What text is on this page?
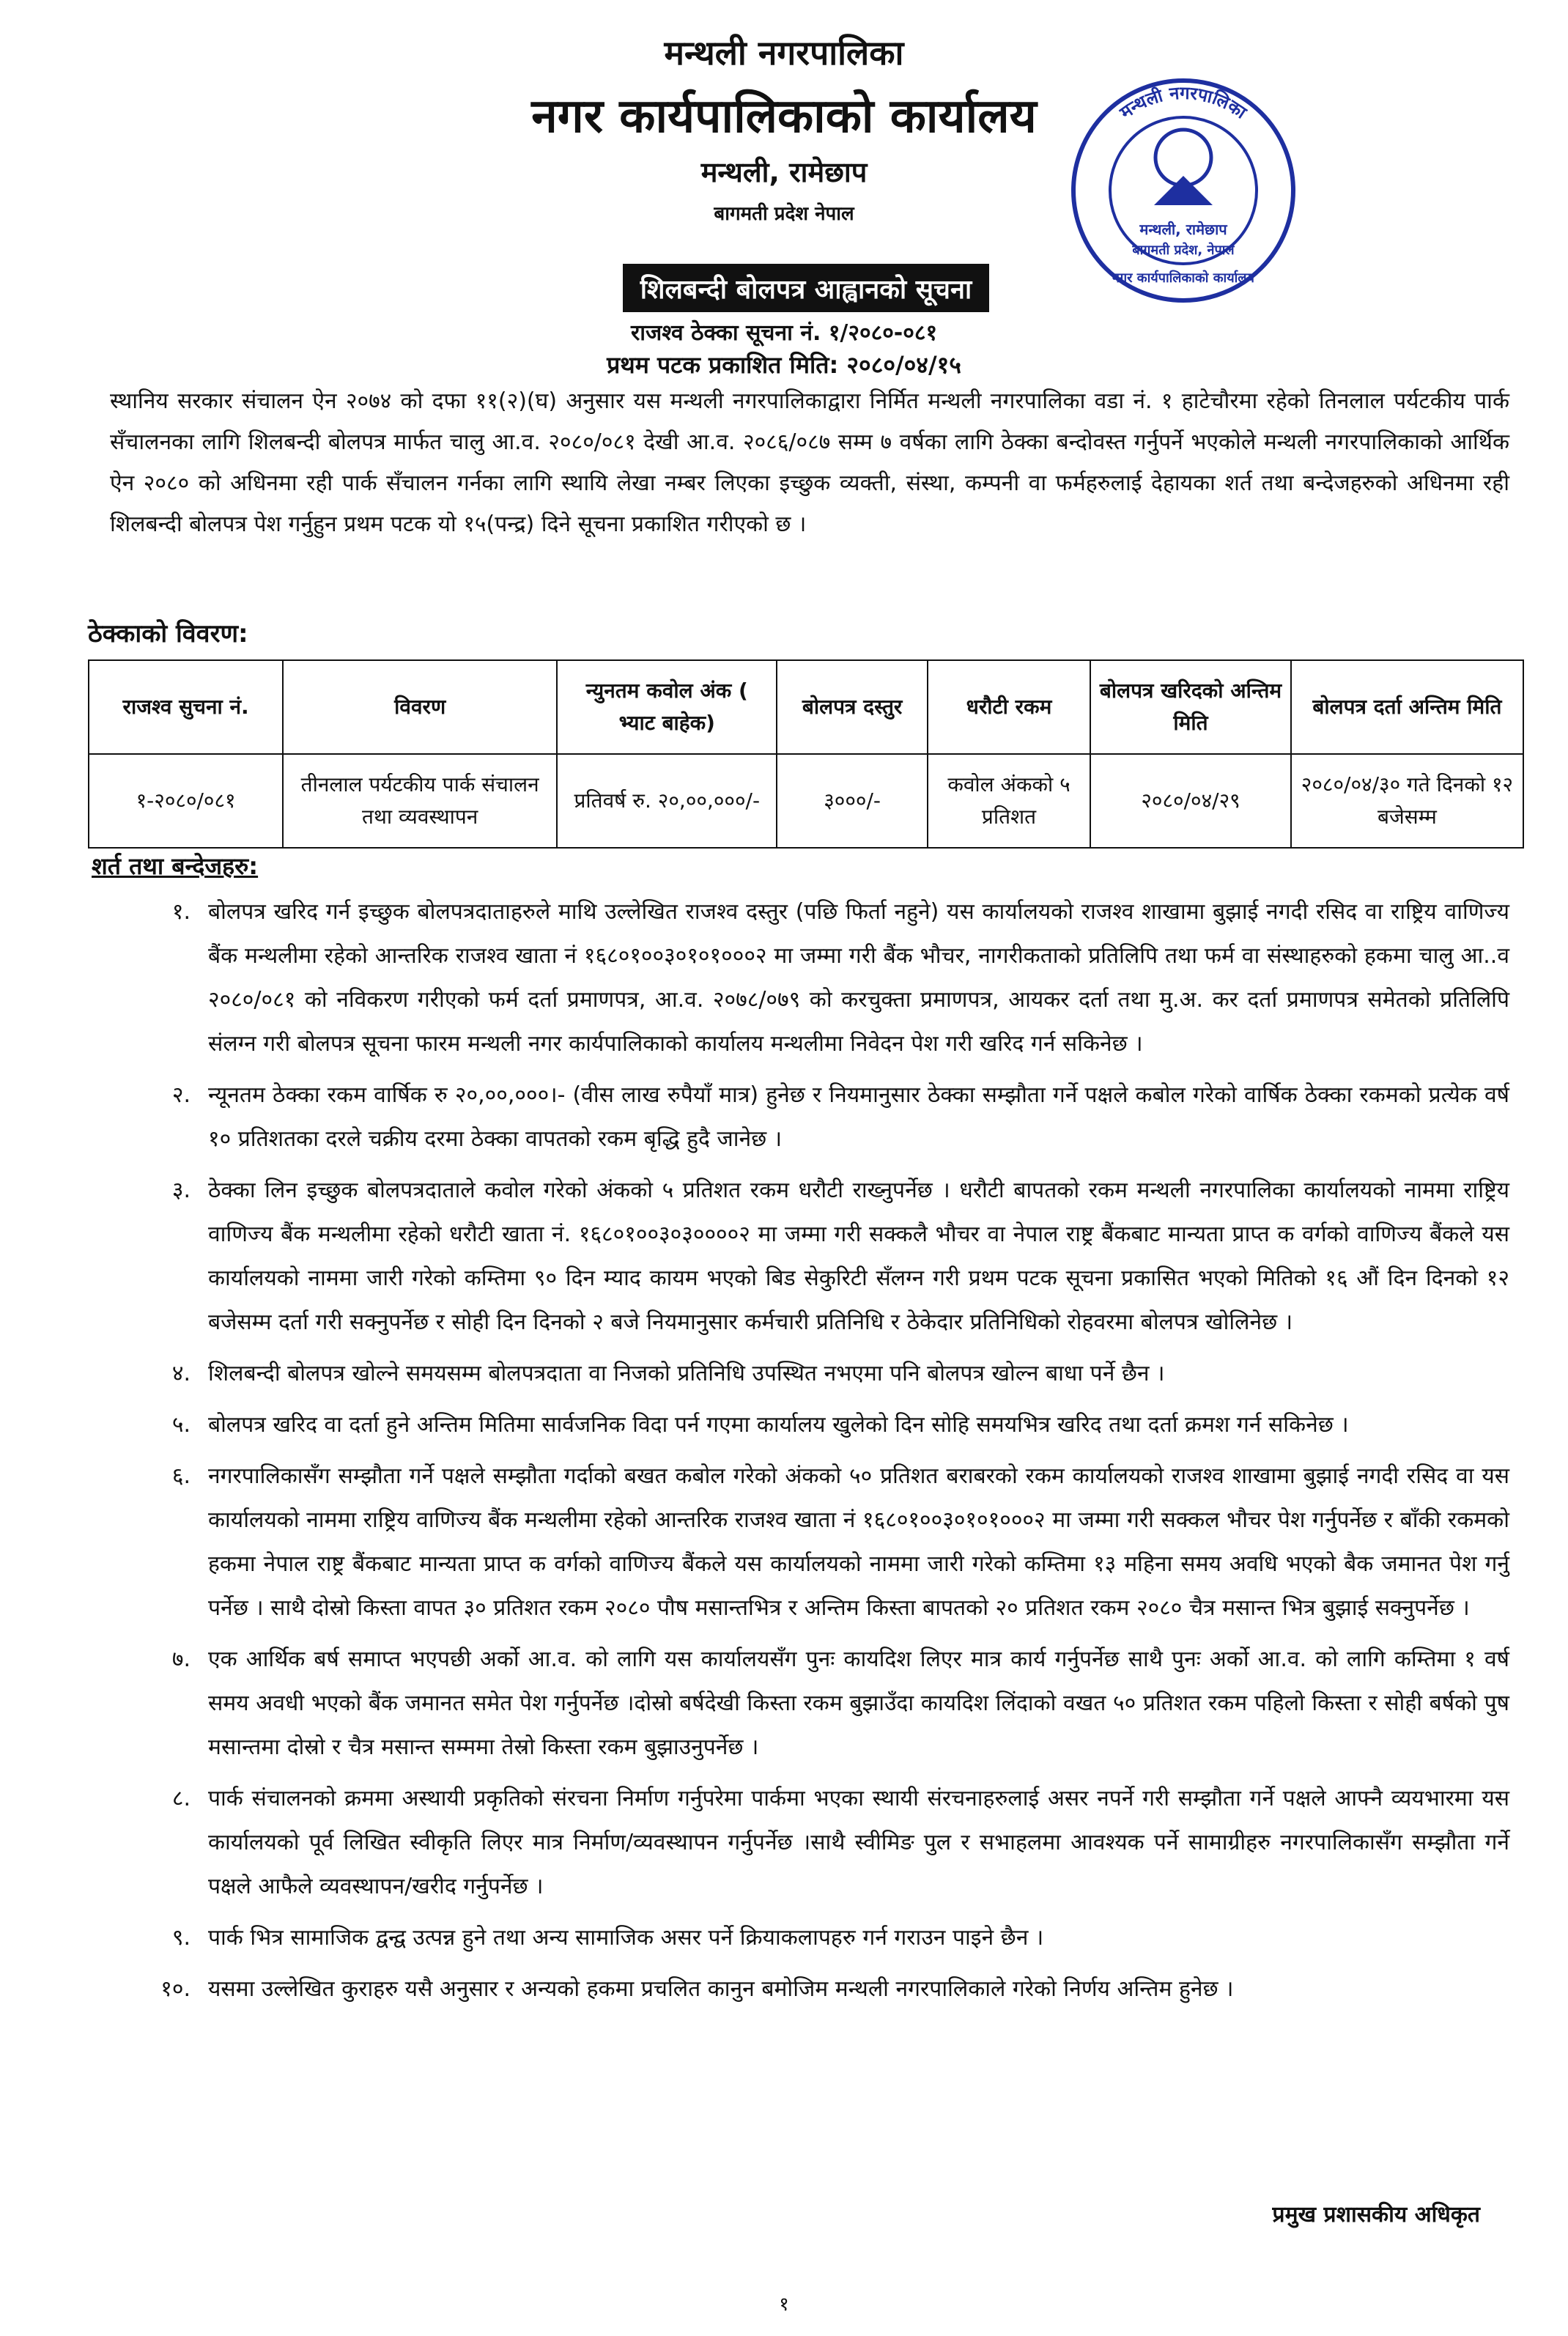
मन्थली नगरपालिका
नगर कार्यपालिकाको कार्यालय
मन्थली, रामेछाप
बागमती प्रदेश नेपाल
मन्थली नगरपालिका
मन्थली, रामेछाप
बागमती प्रदेश, नेपाल
नगर कार्यपालिकाको कार्यालय
शिलबन्दी बोलपत्र आह्वानको सूचना
राजश्व ठेक्का सूचना नं. १/२०८०-०८१
प्रथम पटक प्रकाशित मिति: २०८०/०४/१५
स्थानिय सरकार संचालन ऐन २०७४ को दफा ११(२)(घ) अनुसार यस मन्थली नगरपालिकाद्वारा निर्मित मन्थली नगरपालिका वडा नं. १ हाटेचौरमा रहेको तिनलाल पर्यटकीय पार्क सँचालनका लागि शिलबन्दी बोलपत्र मार्फत चालु आ.व. २०८०/०८१ देखी आ.व. २०८६/०८७ सम्म ७ वर्षका लागि ठेक्का बन्दोवस्त गर्नुपर्ने भएकोले मन्थली नगरपालिकाको आर्थिक ऐन २०८० को अधिनमा रही पार्क सँचालन गर्नका लागि स्थायि लेखा नम्बर लिएका इच्छुक व्यक्ती, संस्था, कम्पनी वा फर्महरुलाई देहायका शर्त तथा बन्देजहरुको अधिनमा रही शिलबन्दी बोलपत्र पेश गर्नुहुन प्रथम पटक यो १५(पन्द्र) दिने सूचना प्रकाशित गरीएको छ ।
ठेक्काको विवरण:
राजश्व सुचना नं.	विवरण	न्युनतम कवोल अंक ( भ्याट बाहेक)	बोलपत्र दस्तुर	धरौटी रकम	बोलपत्र खरिदको अन्तिम मिति	बोलपत्र दर्ता अन्तिम मिति
१-२०८०/०८१	तीनलाल पर्यटकीय पार्क संचालन तथा व्यवस्थापन	प्रतिवर्ष रु. २०,००,०००/-	३०००/-	कवोल अंकको ५ प्रतिशत	२०८०/०४/२९	२०८०/०४/३० गते दिनको १२ बजेसम्म
शर्त तथा बन्देजहरु:
१. बोलपत्र खरिद गर्न इच्छुक बोलपत्रदाताहरुले माथि उल्लेखित राजश्व दस्तुर (पछि फिर्ता नहुने) यस कार्यालयको राजश्व शाखामा बुझाई नगदी रसिद वा राष्ट्रिय वाणिज्य बैंक मन्थलीमा रहेको आन्तरिक राजश्व खाता नं १६८०१००३०१०१०००२ मा जम्मा गरी बैंक भौचर, नागरीकताको प्रतिलिपि तथा फर्म वा संस्थाहरुको हकमा चालु आ..व २०८०/०८१ को नविकरण गरीएको फर्म दर्ता प्रमाणपत्र, आ.व. २०७८/०७९ को करचुक्ता प्रमाणपत्र, आयकर दर्ता तथा मु.अ. कर दर्ता प्रमाणपत्र समेतको प्रतिलिपि संलग्न गरी बोलपत्र सूचना फारम मन्थली नगर कार्यपालिकाको कार्यालय मन्थलीमा निवेदन पेश गरी खरिद गर्न सकिनेछ ।
२. न्यूनतम ठेक्का रकम वार्षिक रु २०,००,०००।- (वीस लाख रुपैयाँ मात्र) हुनेछ र नियमानुसार ठेक्का सम्झौता गर्ने पक्षले कबोल गरेको वार्षिक ठेक्का रकमको प्रत्येक वर्ष १० प्रतिशतका दरले चक्रीय दरमा ठेक्का वापतको रकम बृद्धि हुदै जानेछ ।
३. ठेक्का लिन इच्छुक बोलपत्रदाताले कवोल गरेको अंकको ५ प्रतिशत रकम धरौटी राख्नुपर्नेछ । धरौटी बापतको रकम मन्थली नगरपालिका कार्यालयको नाममा राष्ट्रिय वाणिज्य बैंक मन्थलीमा रहेको धरौटी खाता नं. १६८०१००३०३००००२ मा जम्मा गरी सक्कलै भौचर वा नेपाल राष्ट्र बैंकबाट मान्यता प्राप्त क वर्गको वाणिज्य बैंकले यस कार्यालयको नाममा जारी गरेको कम्तिमा ९० दिन म्याद कायम भएको बिड सेकुरिटी सँलग्न गरी प्रथम पटक सूचना प्रकासित भएको मितिको १६ औं दिन दिनको १२ बजेसम्म दर्ता गरी सक्नुपर्नेछ र सोही दिन दिनको २ बजे नियमानुसार कर्मचारी प्रतिनिधि र ठेकेदार प्रतिनिधिको रोहवरमा बोलपत्र खोलिनेछ ।
४. शिलबन्दी बोलपत्र खोल्ने समयसम्म बोलपत्रदाता वा निजको प्रतिनिधि उपस्थित नभएमा पनि बोलपत्र खोल्न बाधा पर्ने छैन ।
५. बोलपत्र खरिद वा दर्ता हुने अन्तिम मितिमा सार्वजनिक विदा पर्न गएमा कार्यालय खुलेको दिन सोहि समयभित्र खरिद तथा दर्ता क्रमश गर्न सकिनेछ ।
६. नगरपालिकासँग सम्झौता गर्ने पक्षले सम्झौता गर्दाको बखत कबोल गरेको अंकको ५० प्रतिशत बराबरको रकम कार्यालयको राजश्व शाखामा बुझाई नगदी रसिद वा यस कार्यालयको नाममा राष्ट्रिय वाणिज्य बैंक मन्थलीमा रहेको आन्तरिक राजश्व खाता नं १६८०१००३०१०१०००२ मा जम्मा गरी सक्कल भौचर पेश गर्नुपर्नेछ र बाँकी रकमको हकमा नेपाल राष्ट्र बैंकबाट मान्यता प्राप्त क वर्गको वाणिज्य बैंकले यस कार्यालयको नाममा जारी गरेको कम्तिमा १३ महिना समय अवधि भएको बैक जमानत पेश गर्नु पर्नेछ । साथै दोस्रो किस्ता वापत ३० प्रतिशत रकम २०८० पौष मसान्तभित्र र अन्तिम किस्ता बापतको २० प्रतिशत रकम २०८० चैत्र मसान्त भित्र बुझाई सक्नुपर्नेछ ।
७. एक आर्थिक बर्ष समाप्त भएपछी अर्को आ.व. को लागि यस कार्यालयसँग पुनः कायदिश लिएर मात्र कार्य गर्नुपर्नेछ साथै पुनः अर्को आ.व. को लागि कम्तिमा १ वर्ष समय अवधी भएको बैंक जमानत समेत पेश गर्नुपर्नेछ ।दोस्रो बर्षदेखी किस्ता रकम बुझाउँदा कायदिश लिंदाको वखत ५० प्रतिशत रकम पहिलो किस्ता र सोही बर्षको पुष मसान्तमा दोस्रो र चैत्र मसान्त सम्ममा तेस्रो किस्ता रकम बुझाउनुपर्नेछ ।
८. पार्क संचालनको क्रममा अस्थायी प्रकृतिको संरचना निर्माण गर्नुपरेमा पार्कमा भएका स्थायी संरचनाहरुलाई असर नपर्ने गरी सम्झौता गर्ने पक्षले आफ्नै व्ययभारमा यस कार्यालयको पूर्व लिखित स्वीकृति लिएर मात्र निर्माण/व्यवस्थापन गर्नुपर्नेछ ।साथै स्वीमिङ पुल र सभाहलमा आवश्यक पर्ने सामाग्रीहरु नगरपालिकासँग सम्झौता गर्ने पक्षले आफैले व्यवस्थापन/खरीद गर्नुपर्नेछ ।
९. पार्क भित्र सामाजिक द्वन्द्व उत्पन्न हुने तथा अन्य सामाजिक असर पर्ने क्रियाकलापहरु गर्न गराउन पाइने छैन ।
१०. यसमा उल्लेखित कुराहरु यसै अनुसार र अन्यको हकमा प्रचलित कानुन बमोजिम मन्थली नगरपालिकाले गरेको निर्णय अन्तिम हुनेछ ।
प्रमुख प्रशासकीय अधिकृत
१
